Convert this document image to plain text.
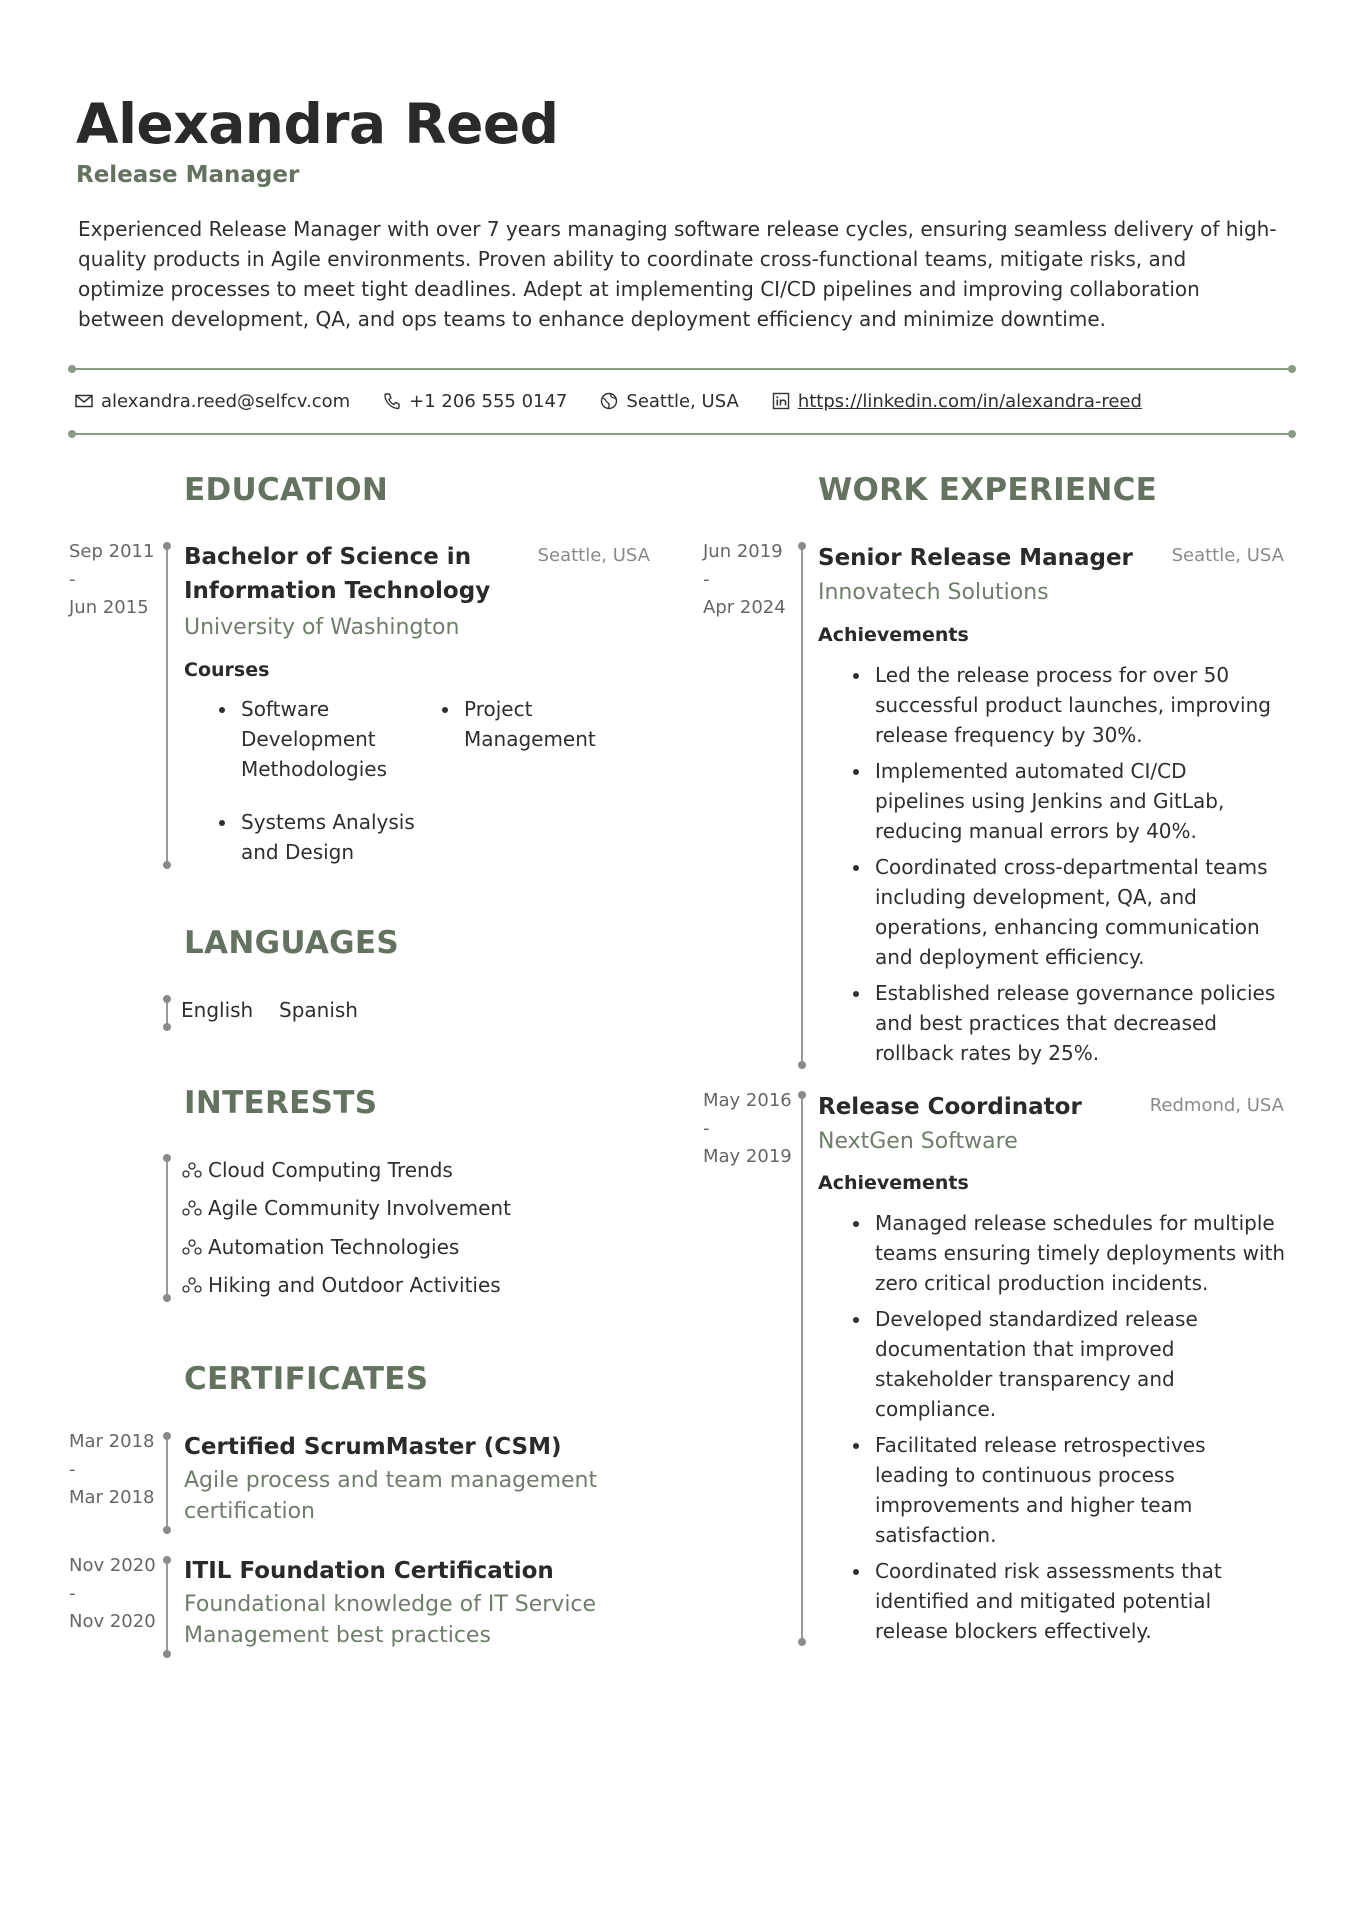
Alexandra Reed
Release Manager
Experienced Release Manager with over 7 years managing software release cycles, ensuring seamless delivery of high-quality products in Agile environments. Proven ability to coordinate cross-functional teams, mitigate risks, and optimize processes to meet tight deadlines. Adept at implementing CI/CD pipelines and improving collaboration between development, QA, and ops teams to enhance deployment efficiency and minimize downtime.
alexandra.reed@selfcv.com	+1 206 555 0147	Seattle, USA	https://linkedin.com/in/alexandra-reed
EDUCATION
Sep 2011
-
Jun 2015
Bachelor of Science in
Information Technology
Seattle, USA
University of Washington
Courses
Software
Development
Methodologies
Project
Management
Systems Analysis
and Design
LANGUAGES
English Spanish
INTERESTS
Cloud Computing Trends
Agile Community Involvement
Automation Technologies
Hiking and Outdoor Activities
CERTIFICATES
Mar 2018
-
Mar 2018
Certified ScrumMaster (CSM)
Agile process and team management
certification
Nov 2020
-
Nov 2020
ITIL Foundation Certification
Foundational knowledge of IT Service
Management best practices
WORK EXPERIENCE
Jun 2019
-
Apr 2024
Senior Release Manager	Seattle, USA
Innovatech Solutions
Achievements
Led the release process for over 50
successful product launches, improving
release frequency by 30%.
Implemented automated CI/CD
pipelines using Jenkins and GitLab,
reducing manual errors by 40%.
Coordinated cross-departmental teams
including development, QA, and
operations, enhancing communication
and deployment efficiency.
Established release governance policies
and best practices that decreased
rollback rates by 25%.
May 2016
-
May 2019
Release Coordinator	Redmond, USA
NextGen Software
Achievements
Managed release schedules for multiple
teams ensuring timely deployments with
zero critical production incidents.
Developed standardized release
documentation that improved
stakeholder transparency and
compliance.
Facilitated release retrospectives
leading to continuous process
improvements and higher team
satisfaction.
Coordinated risk assessments that
identified and mitigated potential
release blockers effectively.
